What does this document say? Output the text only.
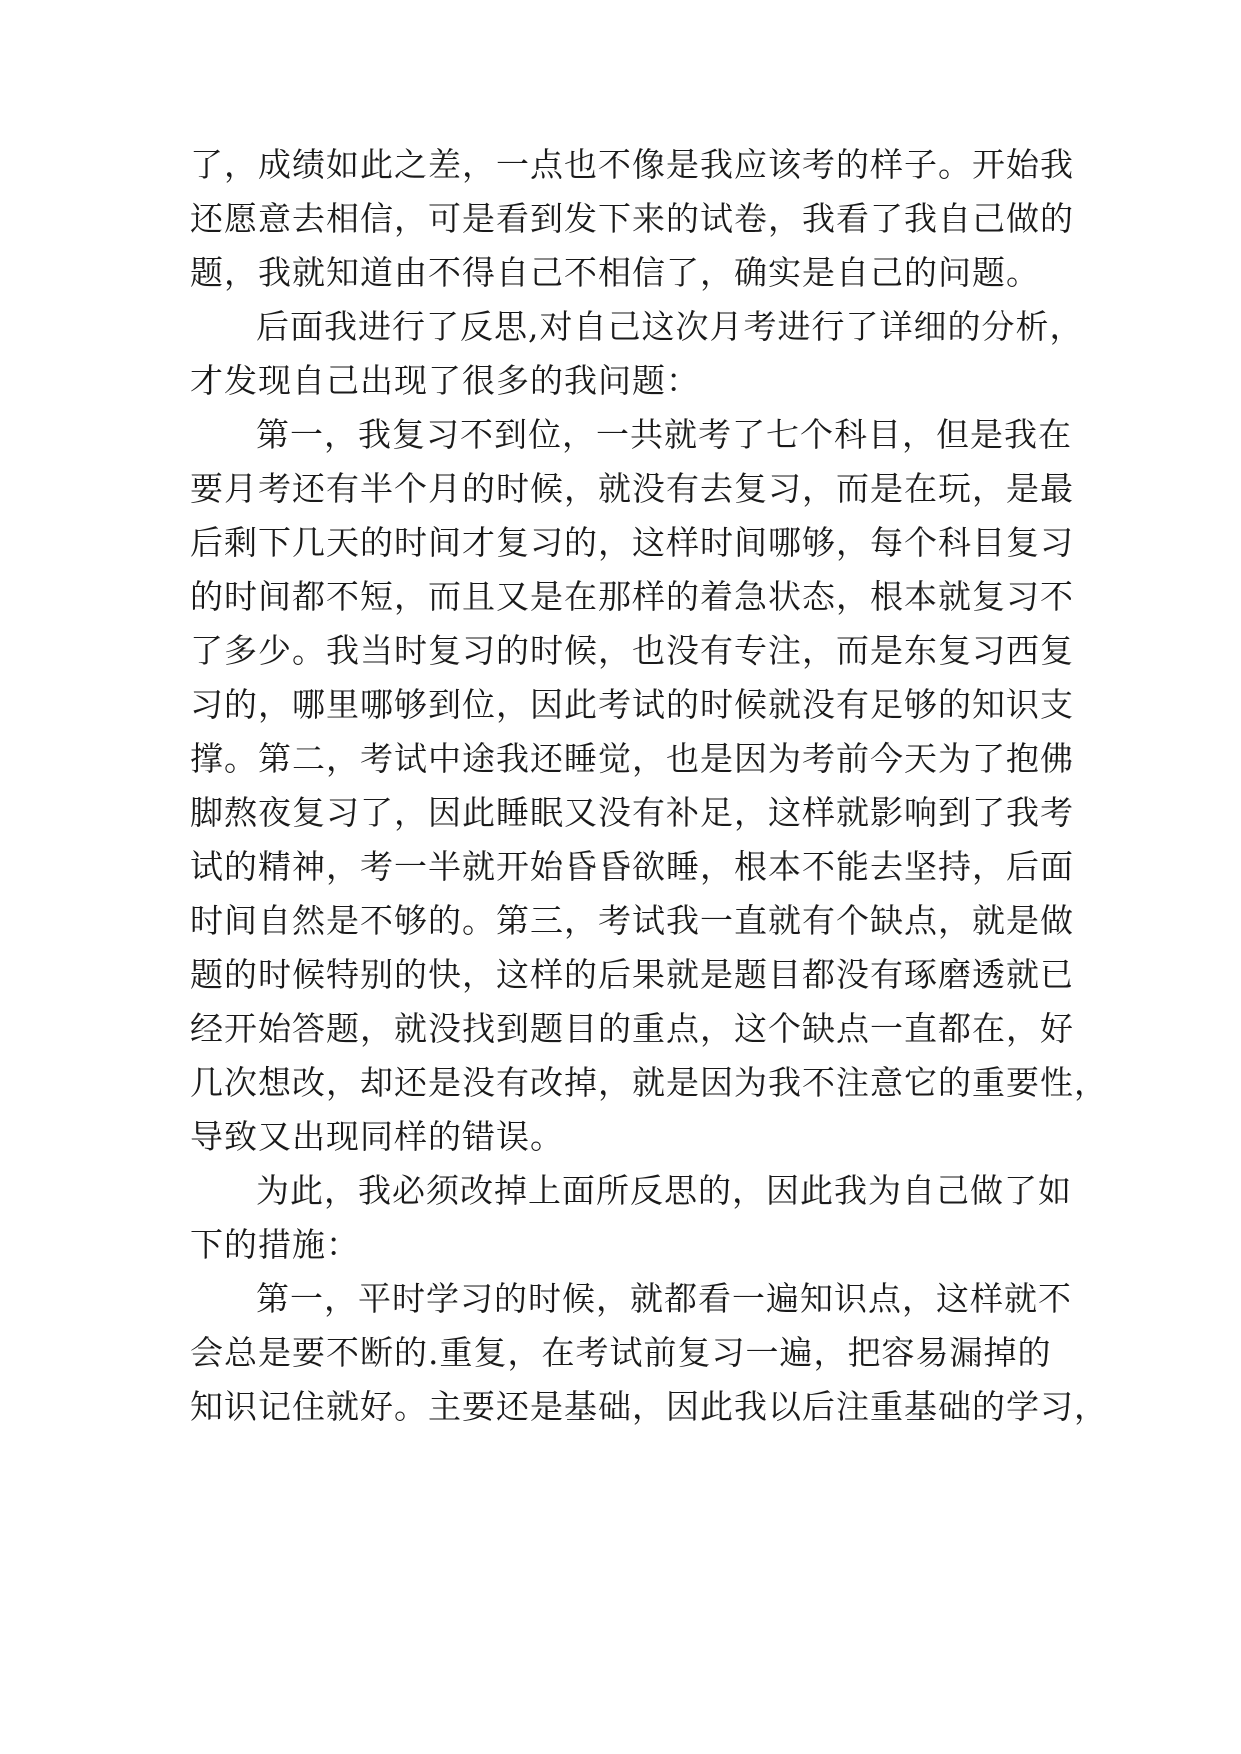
了，成绩如此之差，一点也不像是我应该考的样子。开始我
还愿意去相信，可是看到发下来的试卷，我看了我自己做的
题，我就知道由不得自己不相信了，确实是自己的问题。
后面我进行了反思,对自己这次月考进行了详细的分析，
才发现自己出现了很多的我问题：
第一，我复习不到位，一共就考了七个科目，但是我在
要月考还有半个月的时候，就没有去复习，而是在玩，是最
后剩下几天的时间才复习的，这样时间哪够，每个科目复习
的时间都不短，而且又是在那样的着急状态，根本就复习不
了多少。我当时复习的时候，也没有专注，而是东复习西复
习的，哪里哪够到位，因此考试的时候就没有足够的知识支
撑。第二，考试中途我还睡觉，也是因为考前今天为了抱佛
脚熬夜复习了，因此睡眠又没有补足，这样就影响到了我考
试的精神，考一半就开始昏昏欲睡，根本不能去坚持，后面
时间自然是不够的。第三，考试我一直就有个缺点，就是做
题的时候特别的快，这样的后果就是题目都没有琢磨透就已
经开始答题，就没找到题目的重点，这个缺点一直都在，好
几次想改，却还是没有改掉，就是因为我不注意它的重要性，
导致又出现同样的错误。
为此，我必须改掉上面所反思的，因此我为自己做了如
下的措施：
第一，平时学习的时候，就都看一遍知识点，这样就不
会总是要不断的.重复，在考试前复习一遍，把容易漏掉的
知识记住就好。主要还是基础，因此我以后注重基础的学习，
